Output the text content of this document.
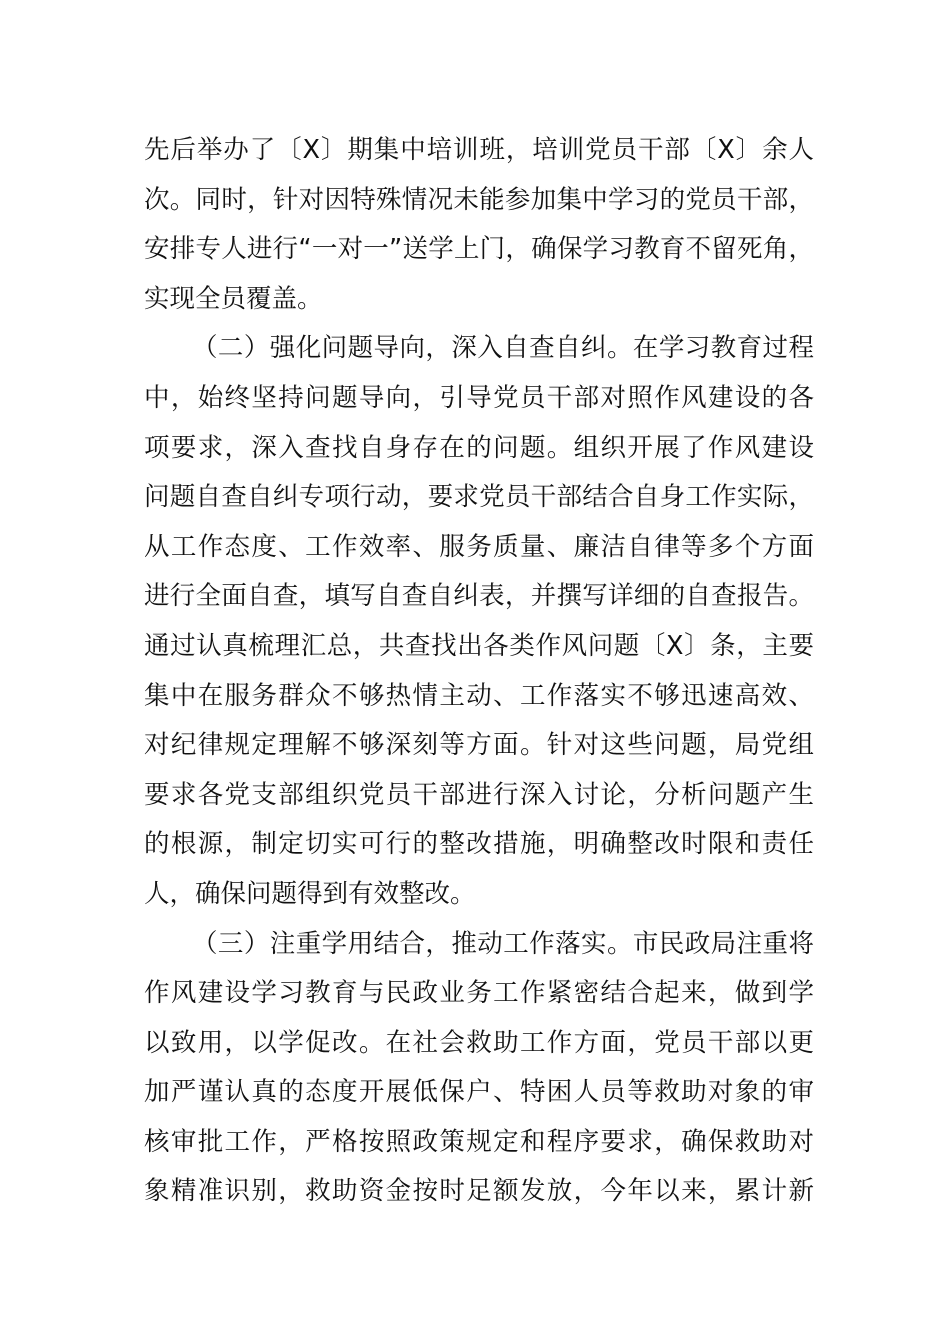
先后举办了〔X〕期集中培训班，培训党员干部〔X〕余人
次。同时，针对因特殊情况未能参加集中学习的党员干部，
安排专人进行“一对一”送学上门，确保学习教育不留死角，
实现全员覆盖。
（二）强化问题导向，深入自查自纠。在学习教育过程
中，始终坚持问题导向，引导党员干部对照作风建设的各
项要求，深入查找自身存在的问题。组织开展了作风建设
问题自查自纠专项行动，要求党员干部结合自身工作实际，
从工作态度、工作效率、服务质量、廉洁自律等多个方面
进行全面自查，填写自查自纠表，并撰写详细的自查报告。
通过认真梳理汇总，共查找出各类作风问题〔X〕条，主要
集中在服务群众不够热情主动、工作落实不够迅速高效、
对纪律规定理解不够深刻等方面。针对这些问题，局党组
要求各党支部组织党员干部进行深入讨论，分析问题产生
的根源，制定切实可行的整改措施，明确整改时限和责任
人，确保问题得到有效整改。
（三）注重学用结合，推动工作落实。市民政局注重将
作风建设学习教育与民政业务工作紧密结合起来，做到学
以致用，以学促改。在社会救助工作方面，党员干部以更
加严谨认真的态度开展低保户、特困人员等救助对象的审
核审批工作，严格按照政策规定和程序要求，确保救助对
象精准识别，救助资金按时足额发放，今年以来，累计新
